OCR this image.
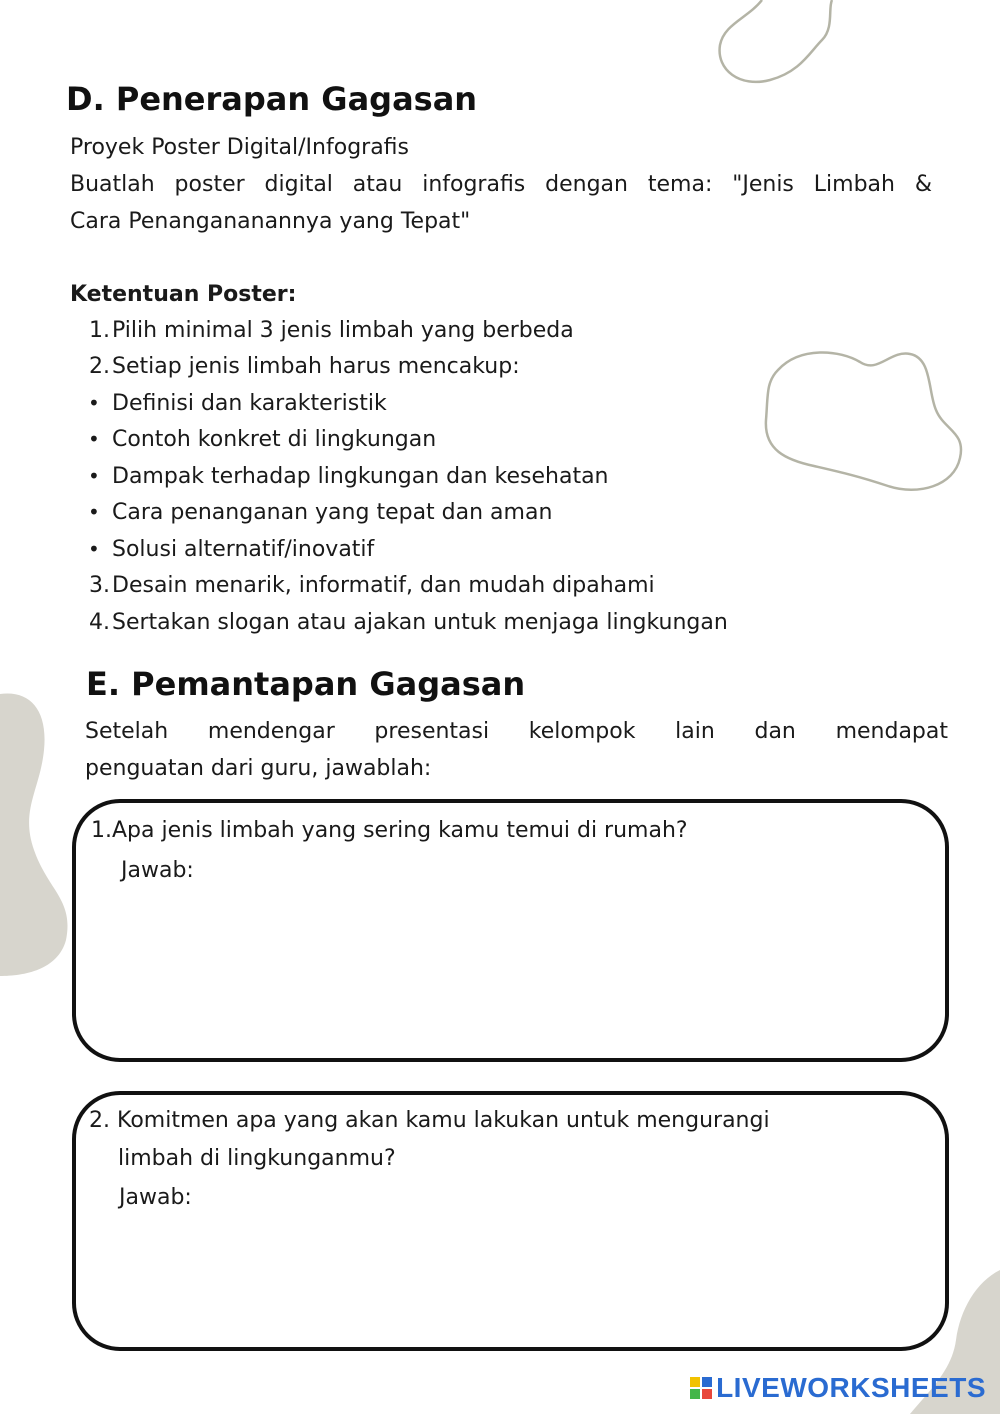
D. Penerapan Gagasan
Proyek Poster Digital/Infografis
Buatlah poster digital atau infografis dengan tema: "Jenis Limbah &
Cara Penangananannya yang Tepat"
Ketentuan Poster:
1.Pilih minimal 3 jenis limbah yang berbeda
2.Setiap jenis limbah harus mencakup:
• Definisi dan karakteristik
• Contoh konkret di lingkungan
• Dampak terhadap lingkungan dan kesehatan
• Cara penanganan yang tepat dan aman
• Solusi alternatif/inovatif
3.Desain menarik, informatif, dan mudah dipahami
4.Sertakan slogan atau ajakan untuk menjaga lingkungan
E. Pemantapan Gagasan
Setelah mendengar presentasi kelompok lain dan mendapat
penguatan dari guru, jawablah:
1.Apa jenis limbah yang sering kamu temui di rumah?
Jawab:
2. Komitmen apa yang akan kamu lakukan untuk mengurangi
limbah di lingkunganmu?
Jawab:
LIVEWORKSHEETS
